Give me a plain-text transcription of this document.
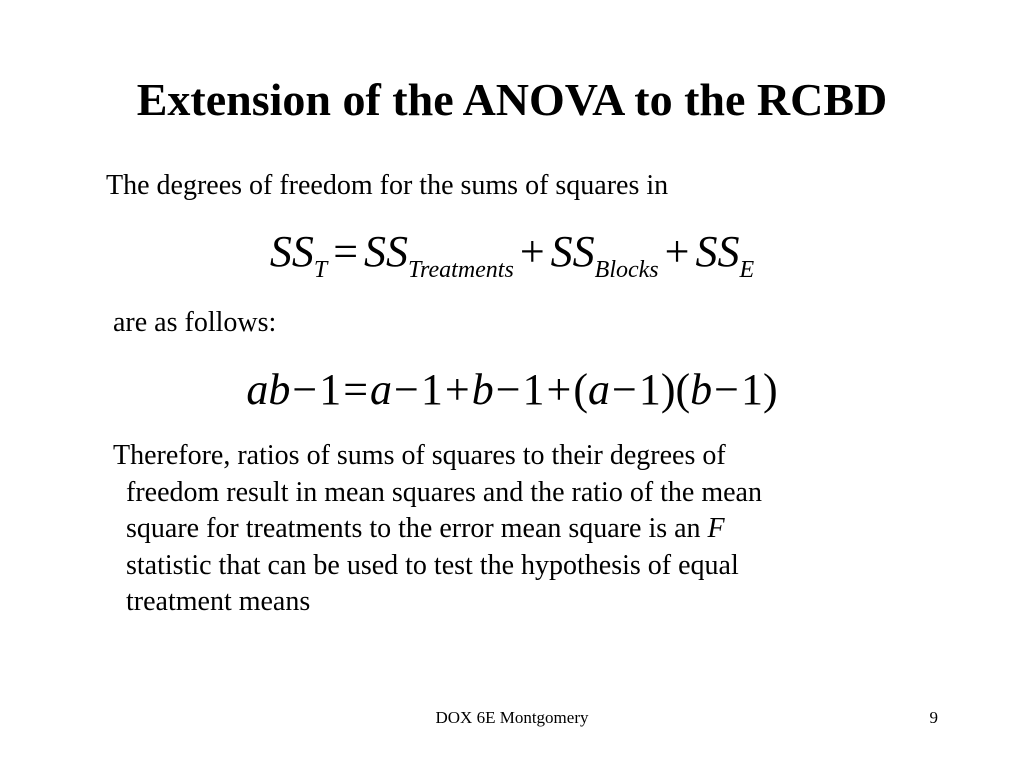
Extension of the ANOVA to the RCBD
The degrees of freedom for the sums of squares in
$SS_T = SS_{Treatments} + SS_{Blocks} + SS_E$
are as follows:
ab−1=a−1+b−1+(a−1)(b−1)
Therefore, ratios of sums of squares to their degrees of
freedom result in mean squares and the ratio of the mean
square for treatments to the error mean square is an F
statistic that can be used to test the hypothesis of equal
treatment means
DOX 6E Montgomery	9
